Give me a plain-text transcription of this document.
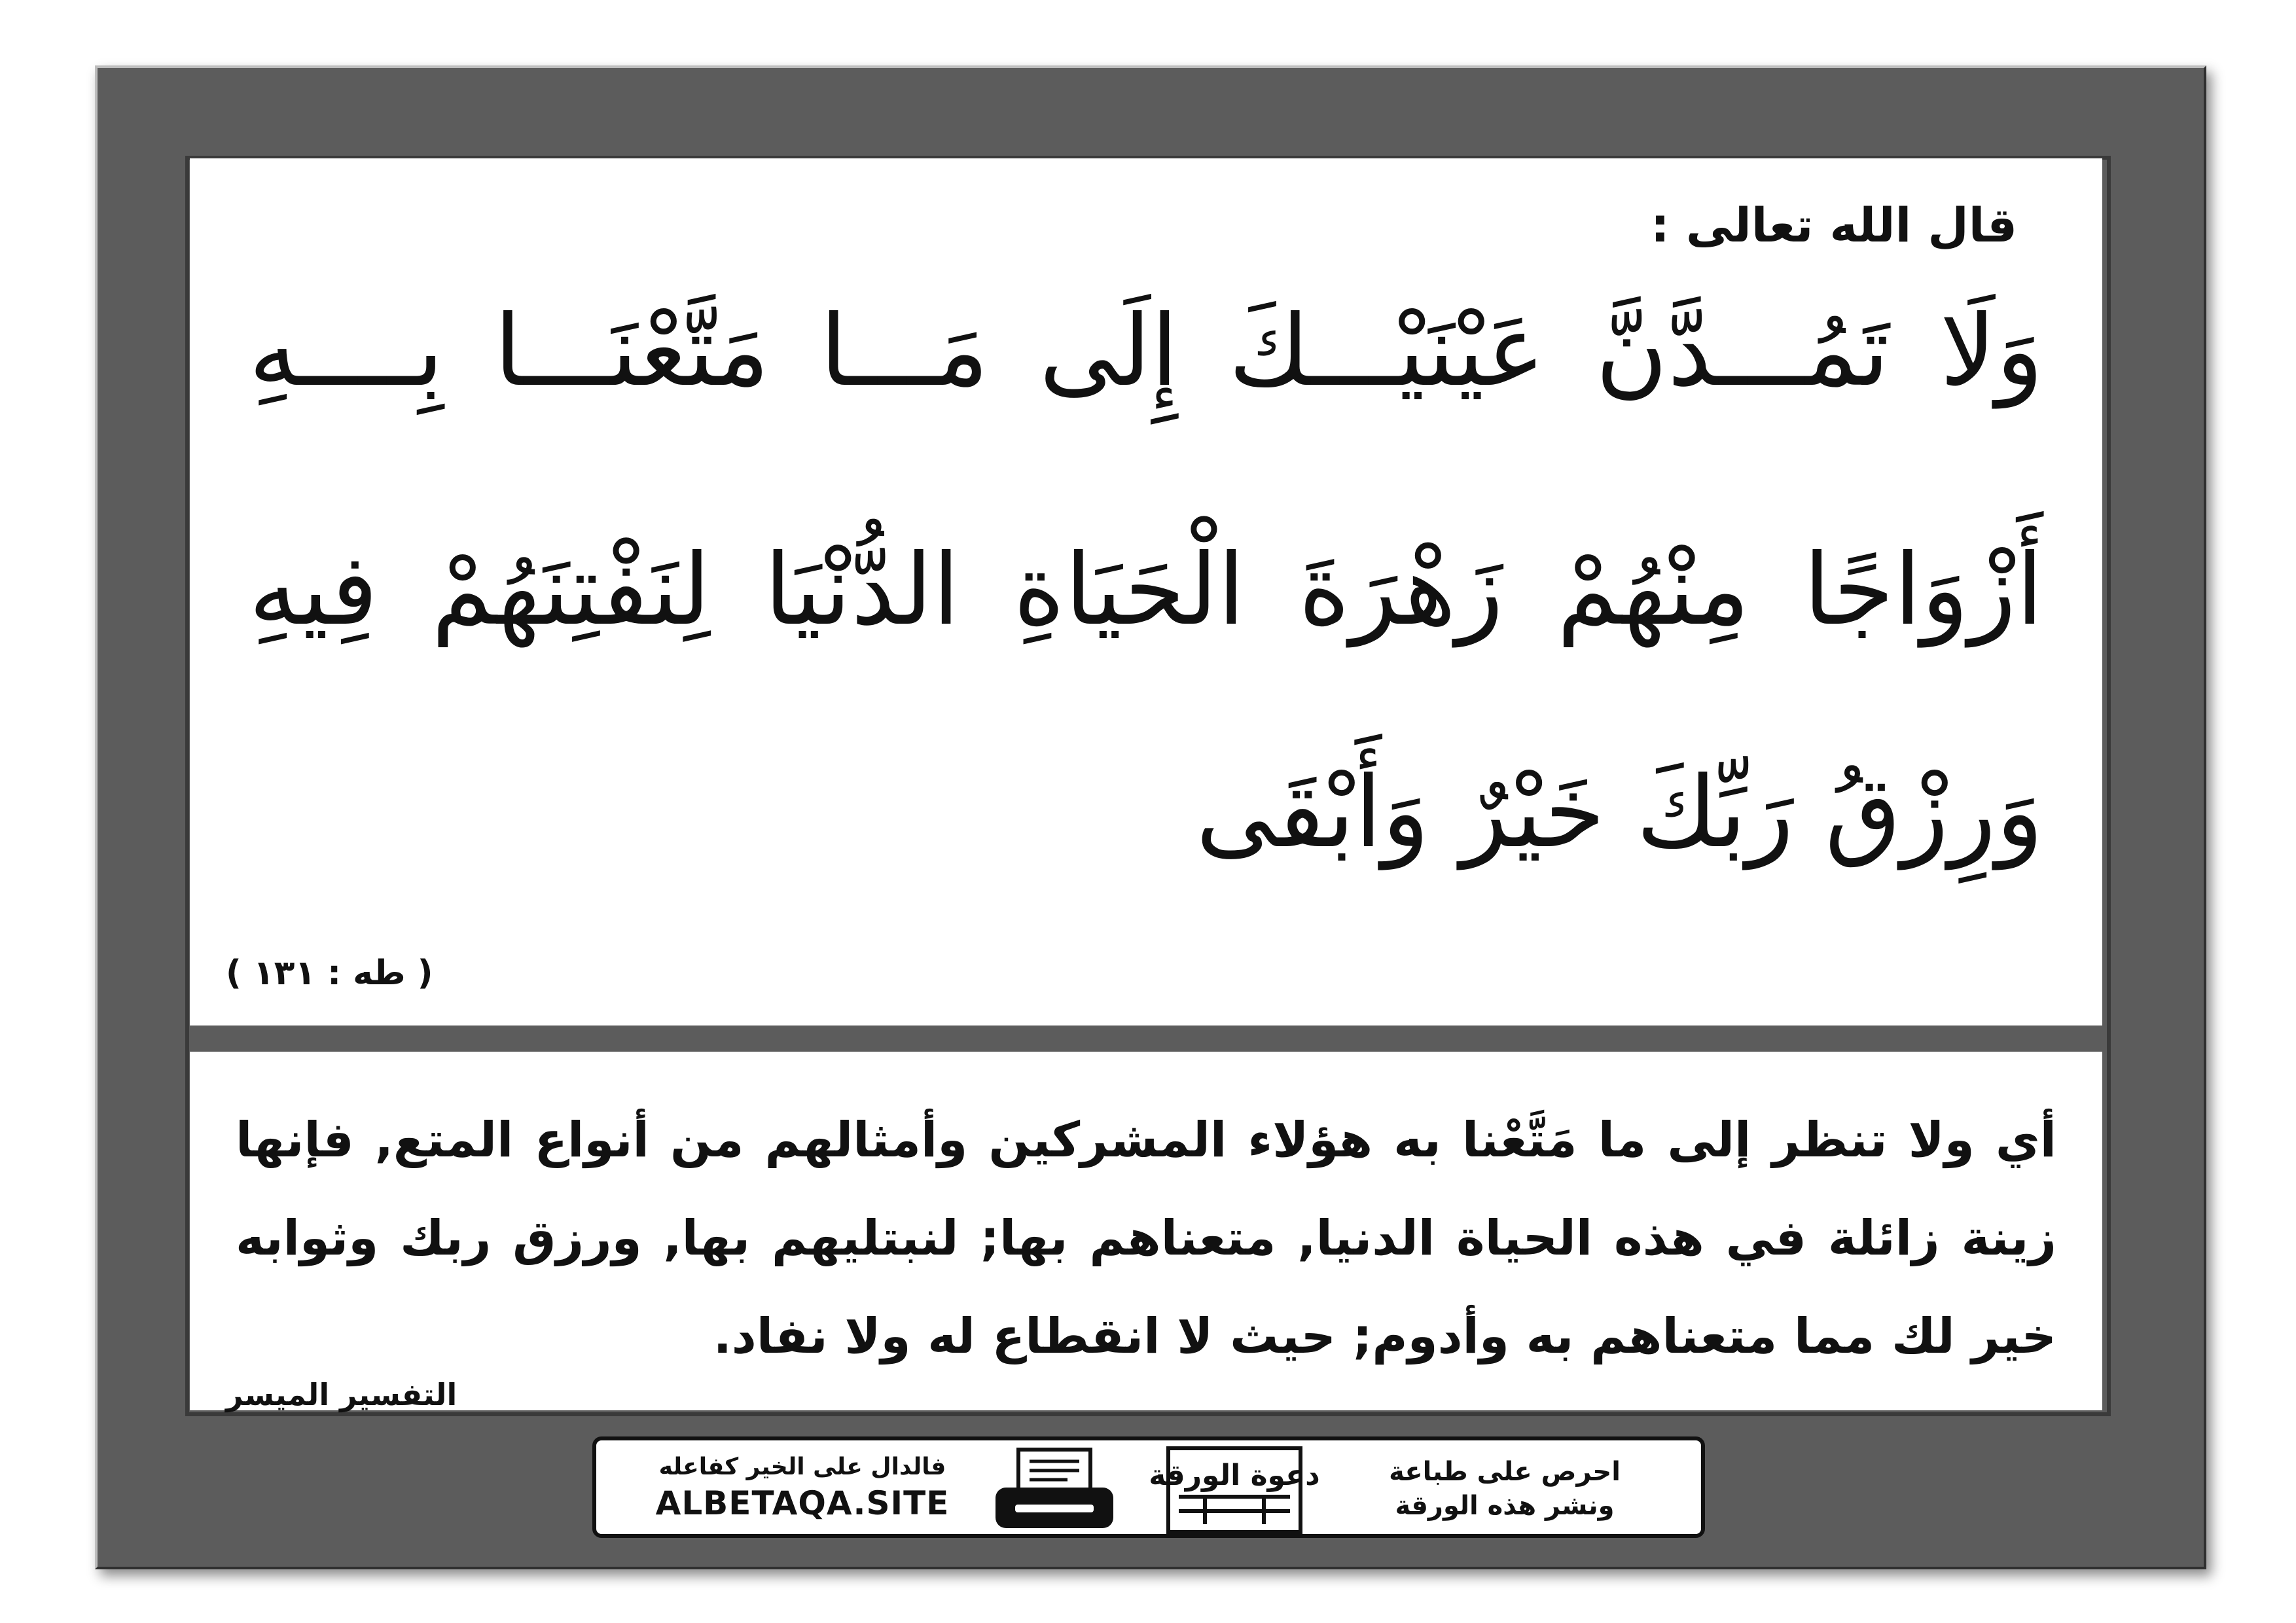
قال الله تعالى :

وَلَا تَمُـــدَّنَّ عَيْنَيْـــكَ إِلَى مَـــا مَتَّعْنَـــا بِــــهِ

أَزْوَاجًا مِنْهُمْ زَهْرَةَ الْحَيَاةِ الدُّنْيَا لِنَفْتِنَهُمْ فِيهِ

وَرِزْقُ رَبِّكَ خَيْرٌ وَأَبْقَى

( طه : ١٣١ )

أي ولا تنظر إلى ما مَتَّعْنا به هؤلاء المشركين وأمثالهم من أنواع المتع, فإنها

زينة زائلة في هذه الحياة الدنيا, متعناهم بها; لنبتليهم بها, ورزق ربك وثوابه

خير لك مما متعناهم به وأدوم; حيث لا انقطاع له ولا نفاد.

التفسير الميسر

فالدال على الخير كفاعله
ALBETAQA.SITE
دعوة الورقة	احرص على طباعة
ونشر هذه الورقة
